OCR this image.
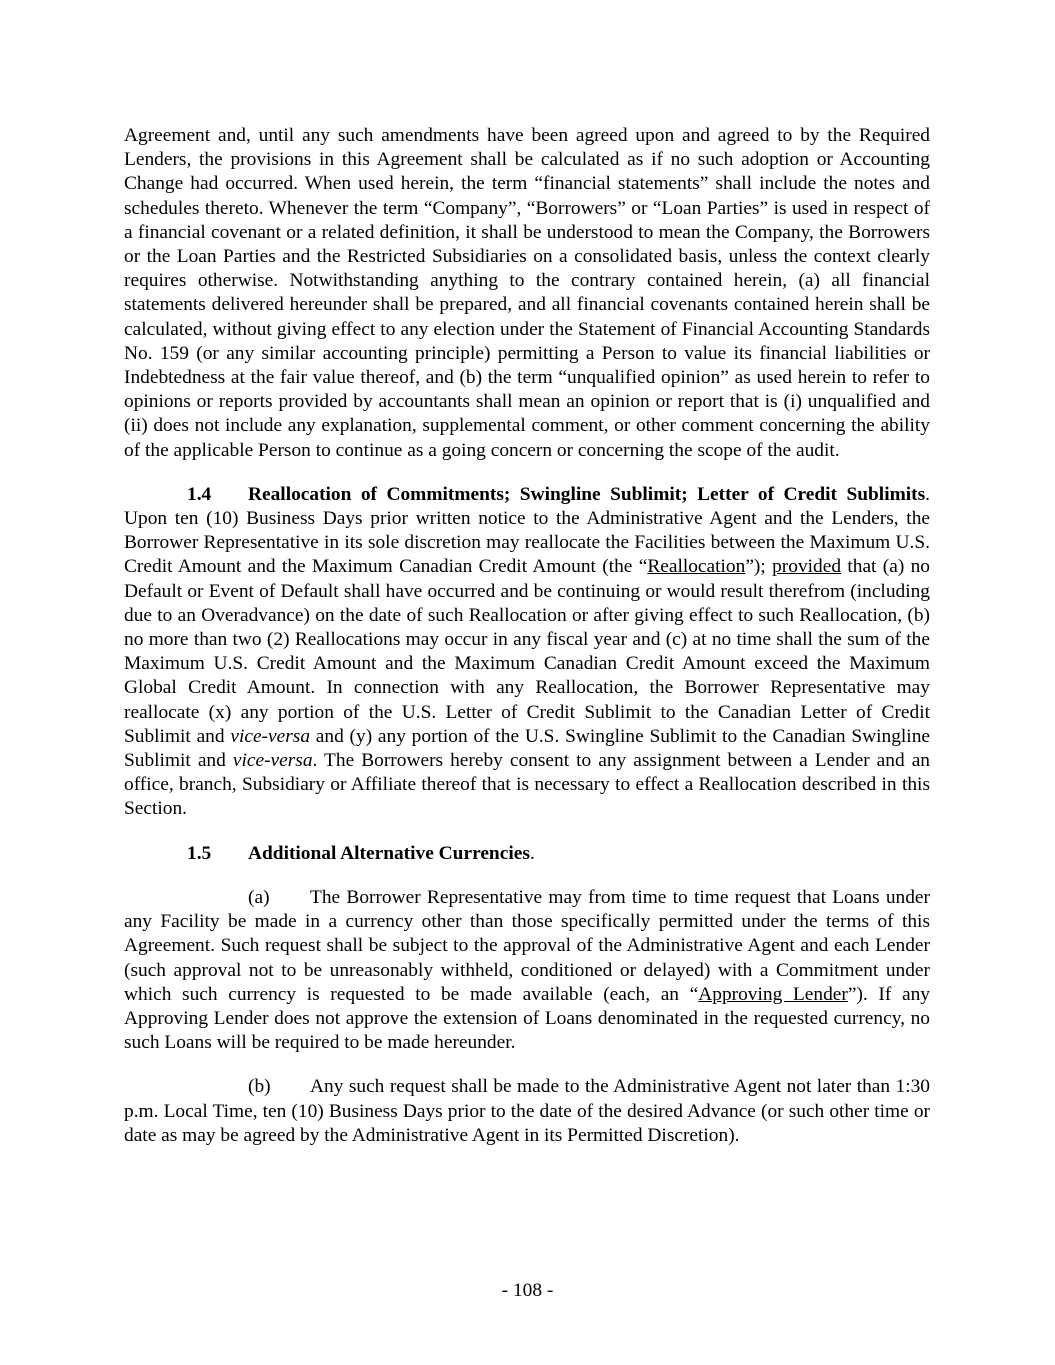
Agreement and, until any such amendments have been agreed upon and agreed to by the Required Lenders, the provisions in this Agreement shall be calculated as if no such adoption or Accounting Change had occurred. When used herein, the term “financial statements” shall include the notes and schedules thereto. Whenever the term “Company”, “Borrowers” or “Loan Parties” is used in respect of a financial covenant or a related definition, it shall be understood to mean the Company, the Borrowers or the Loan Parties and the Restricted Subsidiaries on a consolidated basis, unless the context clearly requires otherwise. Notwithstanding anything to the contrary contained herein, (a) all financial statements delivered hereunder shall be prepared, and all financial covenants contained herein shall be calculated, without giving effect to any election under the Statement of Financial Accounting Standards No. 159 (or any similar accounting principle) permitting a Person to value its financial liabilities or Indebtedness at the fair value thereof, and (b) the term “unqualified opinion” as used herein to refer to opinions or reports provided by accountants shall mean an opinion or report that is (i) unqualified and (ii) does not include any explanation, supplemental comment, or other comment concerning the ability of the applicable Person to continue as a going concern or concerning the scope of the audit.

1.4 Reallocation of Commitments; Swingline Sublimit; Letter of Credit Sublimits. Upon ten (10) Business Days prior written notice to the Administrative Agent and the Lenders, the Borrower Representative in its sole discretion may reallocate the Facilities between the Maximum U.S. Credit Amount and the Maximum Canadian Credit Amount (the “Reallocation”); provided that (a) no Default or Event of Default shall have occurred and be continuing or would result therefrom (including due to an Overadvance) on the date of such Reallocation or after giving effect to such Reallocation, (b) no more than two (2) Reallocations may occur in any fiscal year and (c) at no time shall the sum of the Maximum U.S. Credit Amount and the Maximum Canadian Credit Amount exceed the Maximum Global Credit Amount. In connection with any Reallocation, the Borrower Representative may reallocate (x) any portion of the U.S. Letter of Credit Sublimit to the Canadian Letter of Credit Sublimit and vice-versa and (y) any portion of the U.S. Swingline Sublimit to the Canadian Swingline Sublimit and vice-versa. The Borrowers hereby consent to any assignment between a Lender and an office, branch, Subsidiary or Affiliate thereof that is necessary to effect a Reallocation described in this Section.

1.5 Additional Alternative Currencies.

(a) The Borrower Representative may from time to time request that Loans under any Facility be made in a currency other than those specifically permitted under the terms of this Agreement. Such request shall be subject to the approval of the Administrative Agent and each Lender (such approval not to be unreasonably withheld, conditioned or delayed) with a Commitment under which such currency is requested to be made available (each, an “Approving Lender”). If any Approving Lender does not approve the extension of Loans denominated in the requested currency, no such Loans will be required to be made hereunder.

(b) Any such request shall be made to the Administrative Agent not later than 1:30 p.m. Local Time, ten (10) Business Days prior to the date of the desired Advance (or such other time or date as may be agreed by the Administrative Agent in its Permitted Discretion).

- 108 -
